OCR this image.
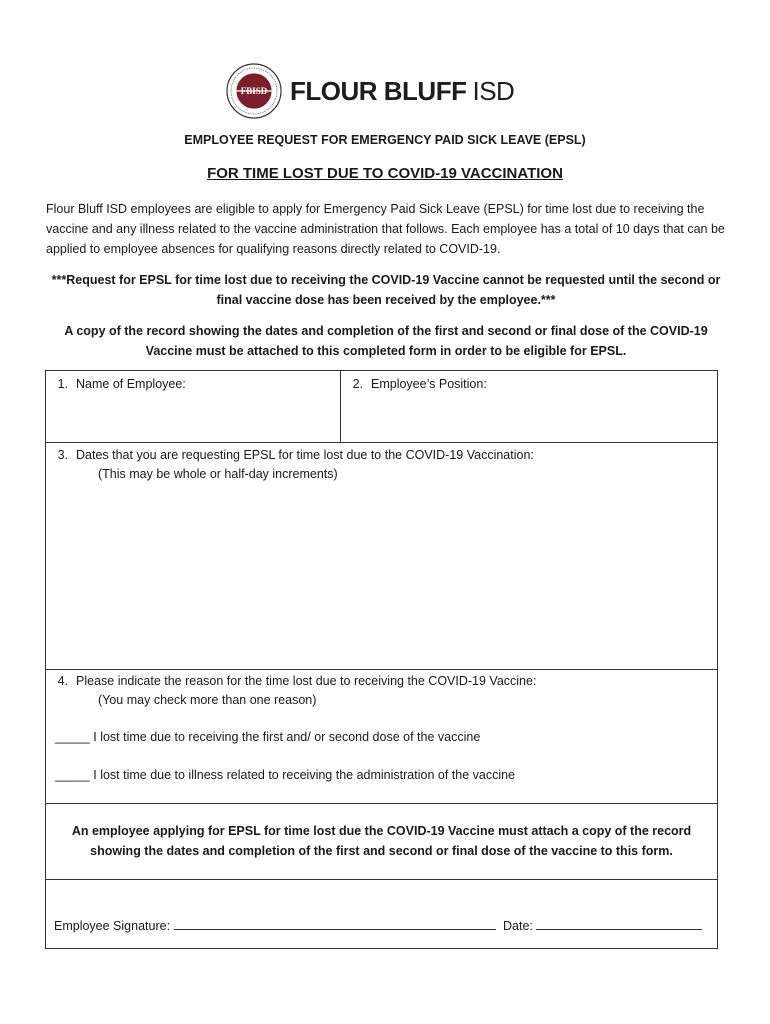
FBISD FLOUR BLUFF ISD
EMPLOYEE REQUEST FOR EMERGENCY PAID SICK LEAVE (EPSL)
FOR TIME LOST DUE TO COVID-19 VACCINATION
Flour Bluff ISD employees are eligible to apply for Emergency Paid Sick Leave (EPSL) for time lost due to receiving the vaccine and any illness related to the vaccine administration that follows. Each employee has a total of 10 days that can be applied to employee absences for qualifying reasons directly related to COVID-19.
***Request for EPSL for time lost due to receiving the COVID-19 Vaccine cannot be requested until the second or final vaccine dose has been received by the employee.***
A copy of the record showing the dates and completion of the first and second or final dose of the COVID-19 Vaccine must be attached to this completed form in order to be eligible for EPSL.
1. Name of Employee:	2. Employee’s Position:
3. Dates that you are requesting EPSL for time lost due to the COVID-19 Vaccination:
(This may be whole or half-day increments)
4. Please indicate the reason for the time lost due to receiving the COVID-19 Vaccine:
(You may check more than one reason)
_____ I lost time due to receiving the first and/ or second dose of the vaccine
_____ I lost time due to illness related to receiving the administration of the vaccine
An employee applying for EPSL for time lost due the COVID-19 Vaccine must attach a copy of the record showing the dates and completion of the first and second or final dose of the vaccine to this form.
Employee Signature:	Date:
